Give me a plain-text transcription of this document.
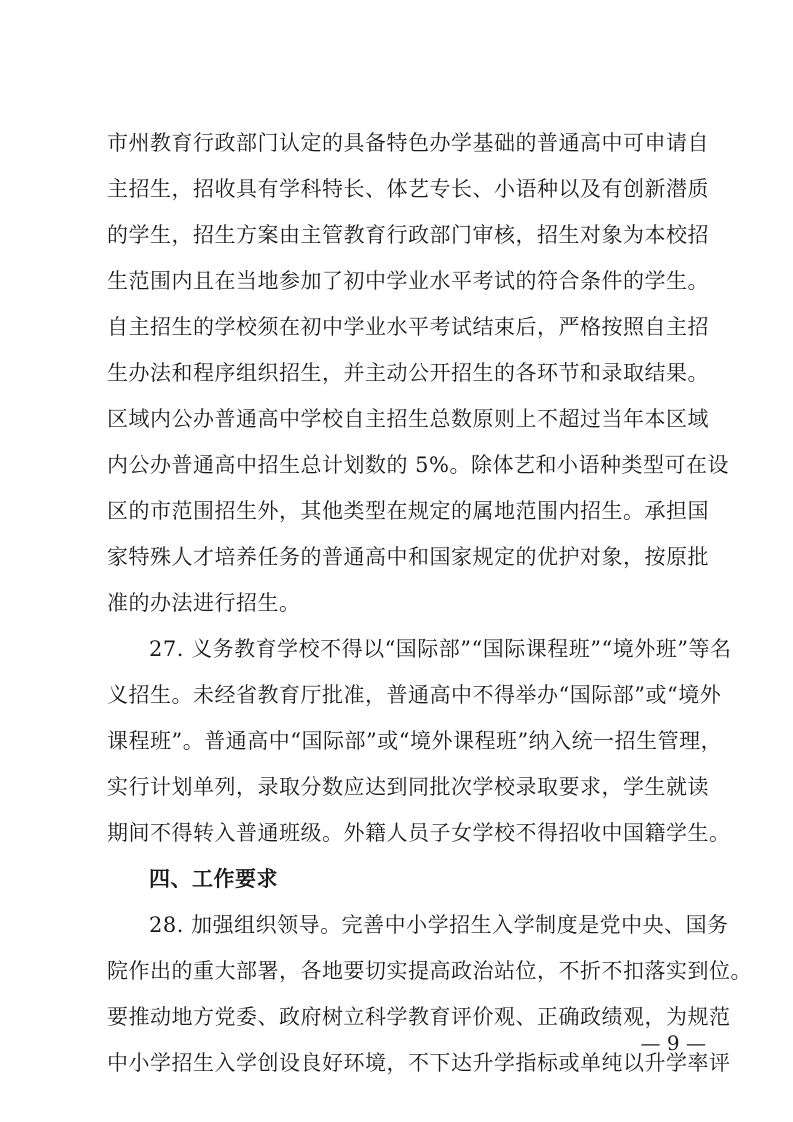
市州教育行政部门认定的具备特色办学基础的普通高中可申请自
主招生，招收具有学科特长、体艺专长、小语种以及有创新潜质
的学生，招生方案由主管教育行政部门审核，招生对象为本校招
生范围内且在当地参加了初中学业水平考试的符合条件的学生。
自主招生的学校须在初中学业水平考试结束后，严格按照自主招
生办法和程序组织招生，并主动公开招生的各环节和录取结果。
区域内公办普通高中学校自主招生总数原则上不超过当年本区域
内公办普通高中招生总计划数的 5%。除体艺和小语种类型可在设
区的市范围招生外，其他类型在规定的属地范围内招生。承担国
家特殊人才培养任务的普通高中和国家规定的优护对象，按原批
准的办法进行招生。
27. 义务教育学校不得以“国际部”“国际课程班”“境外班”等名
义招生。未经省教育厅批准，普通高中不得举办“国际部”或“境外
课程班”。普通高中“国际部”或“境外课程班”纳入统一招生管理，
实行计划单列，录取分数应达到同批次学校录取要求，学生就读
期间不得转入普通班级。外籍人员子女学校不得招收中国籍学生。
四、工作要求
28. 加强组织领导。完善中小学招生入学制度是党中央、国务
院作出的重大部署，各地要切实提高政治站位，不折不扣落实到位。
要推动地方党委、政府树立科学教育评价观、正确政绩观，为规范
中小学招生入学创设良好环境，不下达升学指标或单纯以升学率评
— 9 —
